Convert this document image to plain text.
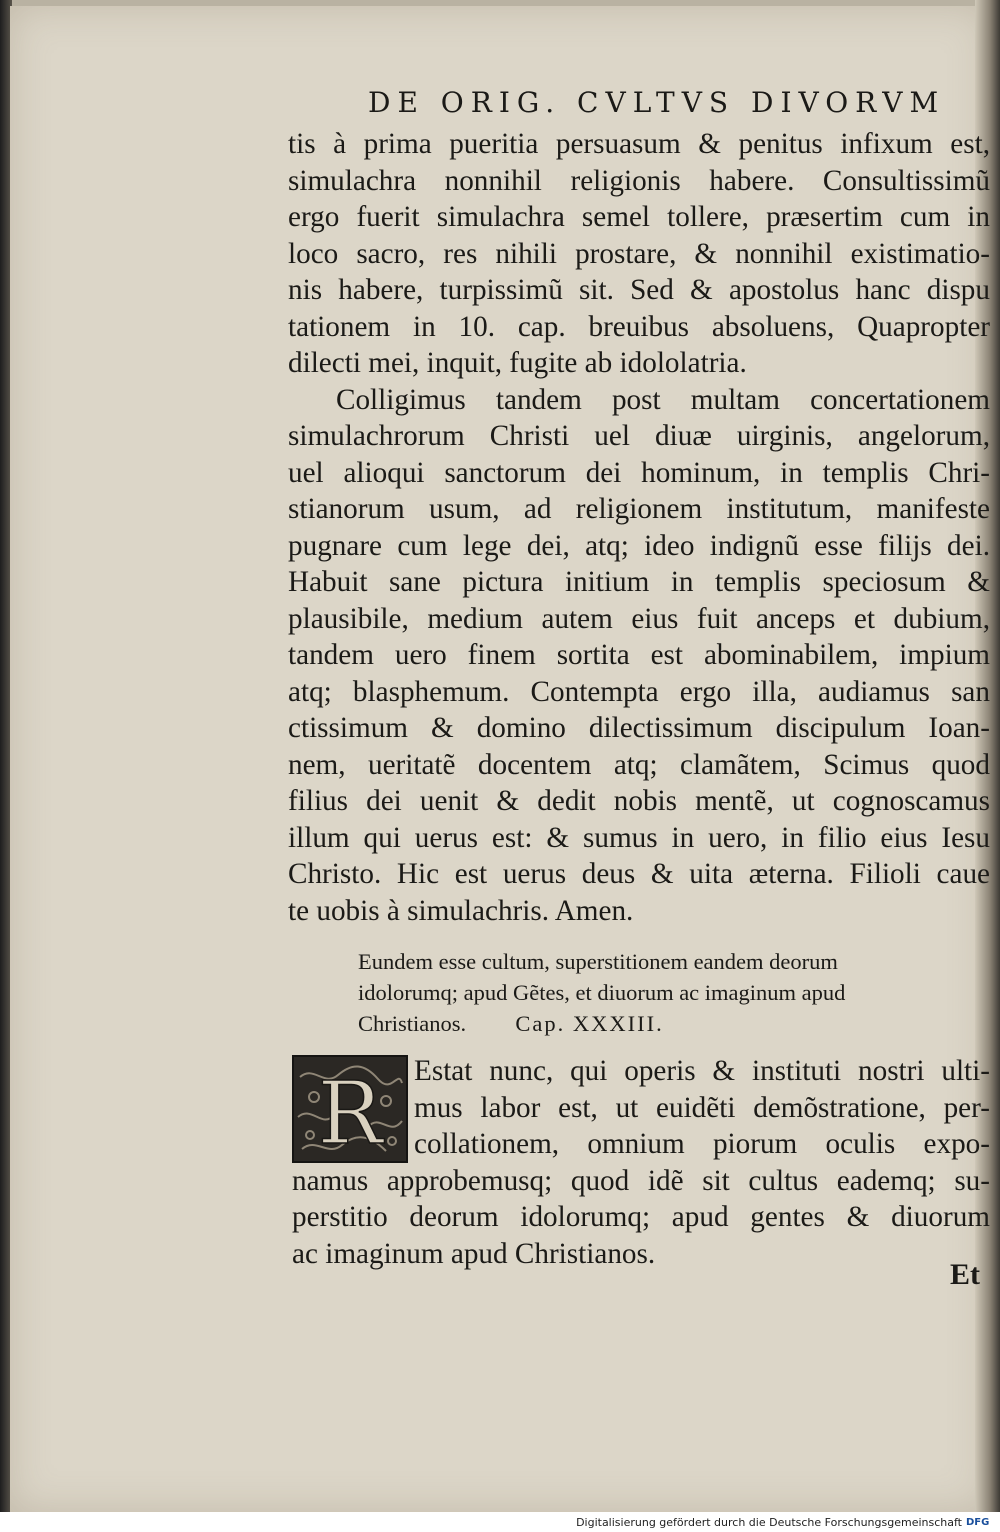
DE ORIG. CVLTVS DIVORVM
tis à prima pueritia persuasum & penitus infixum est,
simulachra nonnihil religionis habere. Consultissimũ
ergo fuerit simulachra semel tollere, præsertim cum in
loco sacro, res nihili prostare, & nonnihil existimatio-
nis habere, turpissimũ sit. Sed & apostolus hanc dispu
tationem in 10. cap. breuibus absoluens, Quapropter
dilecti mei, inquit, fugite ab idololatria.
Colligimus tandem post multam concertationem
simulachrorum Christi uel diuæ uirginis, angelorum,
uel alioqui sanctorum dei hominum, in templis Chri-
stianorum usum, ad religionem institutum, manifeste
pugnare cum lege dei, atq; ideo indignũ esse filijs dei.
Habuit sane pictura initium in templis speciosum &
plausibile, medium autem eius fuit anceps et dubium,
tandem uero finem sortita est abominabilem, impium
atq; blasphemum. Contempta ergo illa, audiamus san
ctissimum & domino dilectissimum discipulum Ioan-
nem, ueritatẽ docentem atq; clamãtem, Scimus quod
filius dei uenit & dedit nobis mentẽ, ut cognoscamus
illum qui uerus est: & sumus in uero, in filio eius Iesu
Christo. Hic est uerus deus & uita æterna. Filioli caue
te uobis à simulachris. Amen.
Eundem esse cultum, superstitionem eandem deorum
idolorumq; apud Gẽtes, et diuorum ac imaginum apud
Christianos. Cap. XXXIII.
R Estat nunc, qui operis & instituti nostri ulti-
mus labor est, ut euidẽti demõstratione, per-
collationem, omnium piorum oculis expo-
namus approbemusq; quod idẽ sit cultus eademq; su-
perstitio deorum idolorumq; apud gentes & diuorum
ac imaginum apud Christianos.
Et
Digitalisierung gefördert durch die Deutsche Forschungsgemeinschaft DFG
